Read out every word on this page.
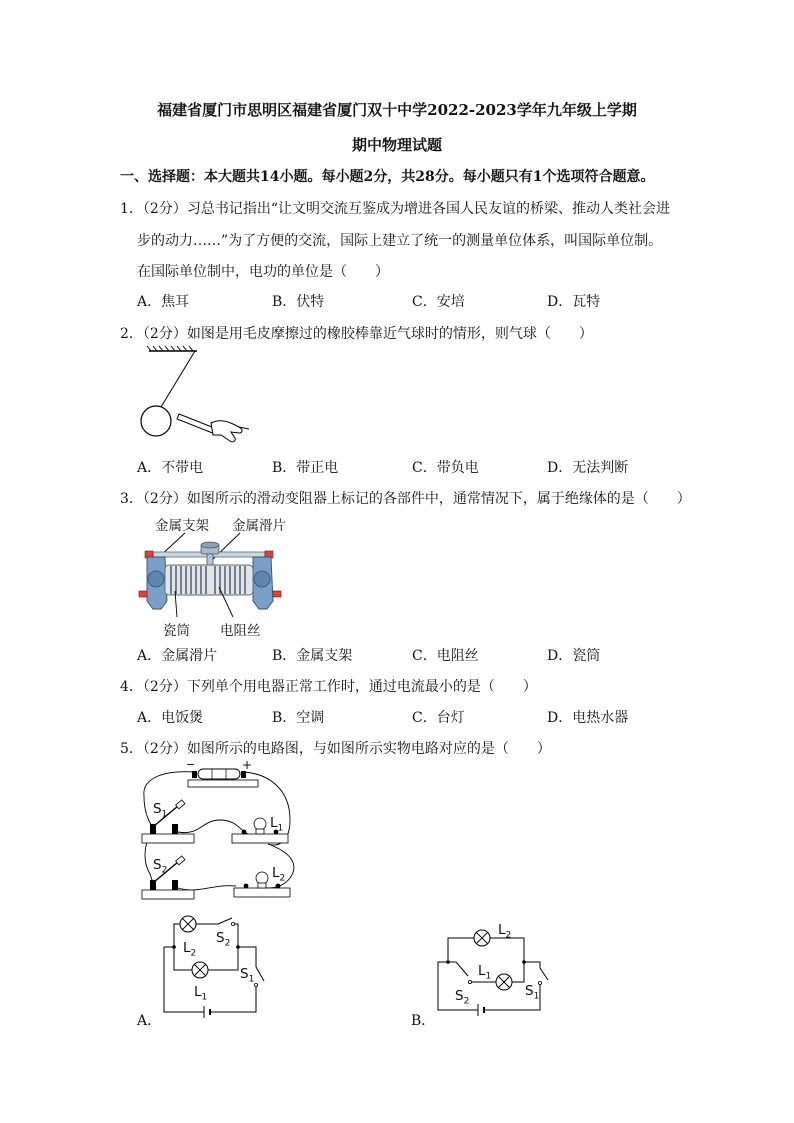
福建省厦门市思明区福建省厦门双十中学2022-2023学年九年级上学期
期中物理试题
一、选择题：本大题共14小题。每小题2分，共28分。每小题只有1个选项符合题意。
1．（2分）习总书记指出“让文明交流互鉴成为增进各国人民友谊的桥梁、推动人类社会进
步的动力……”为了方便的交流，国际上建立了统一的测量单位体系，叫国际单位制。
在国际单位制中，电功的单位是（　　）
A．焦耳	B．伏特	C．安培	D．瓦特
2．（2分）如图是用毛皮摩擦过的橡胶棒靠近气球时的情形，则气球（　　）
A．不带电	B．带正电	C．带负电	D．无法判断
3．（2分）如图所示的滑动变阻器上标记的各部件中，通常情况下，属于绝缘体的是（　　）
金属支架 金属滑片
瓷筒 电阻丝
A．金属滑片	B．金属支架	C．电阻丝	D．瓷筒
4．（2分）下列单个用电器正常工作时，通过电流最小的是（　　）
A．电饭煲	B．空调	C．台灯	D．电热水器
5．（2分）如图所示的电路图，与如图所示实物电路对应的是（　　）
−	+
$S_1$
$L_1$
$S_2$	$L_2$
A．
$L_2$
$S_2$
$L_1$
$S_1$
B．
$L_2$
$L_1$
$S_2$
$S_1$
